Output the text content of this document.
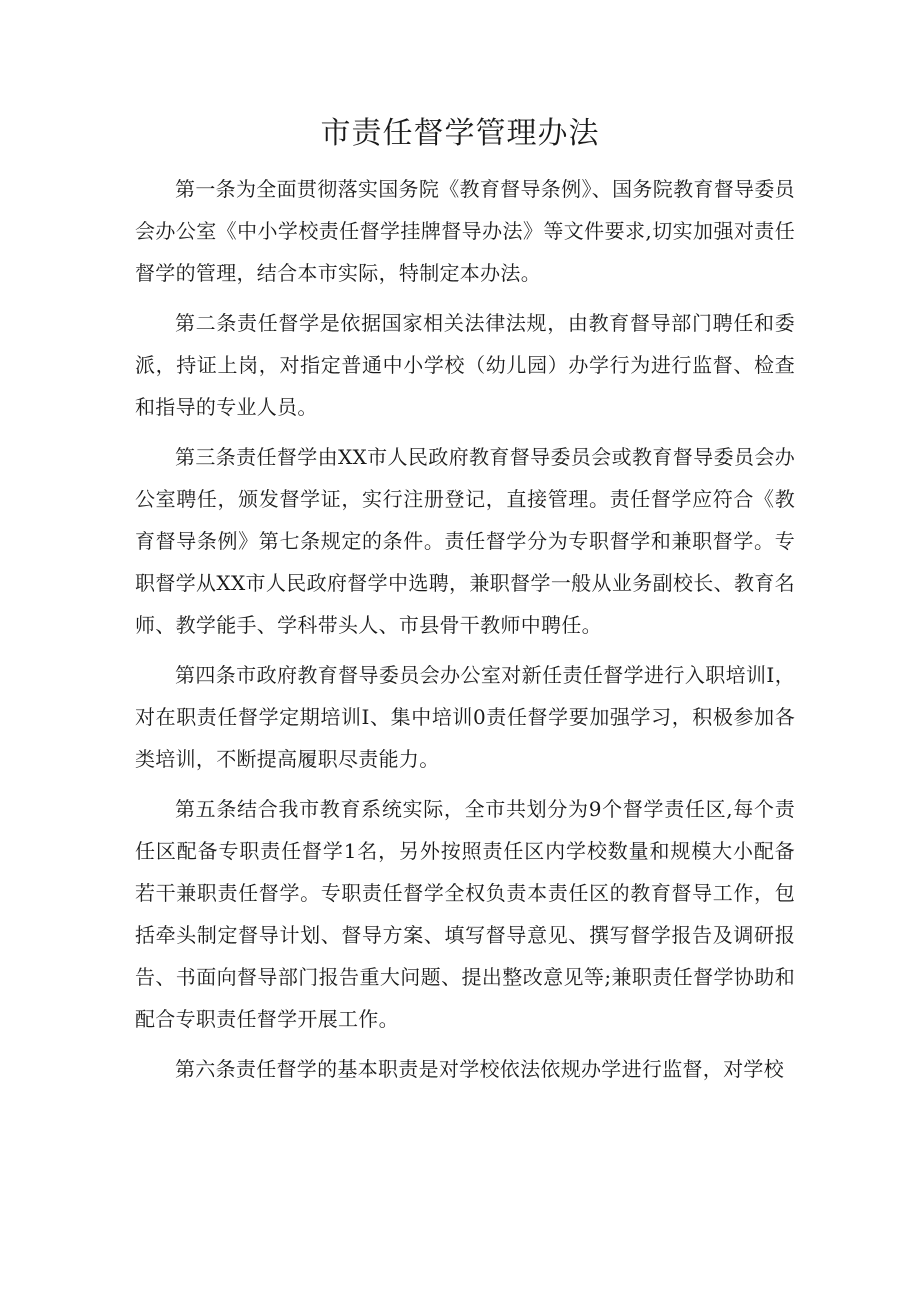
市责任督学管理办法

第一条为全面贯彻落实国务院《教育督导条例》、国务院教育督导委员会办公室《中小学校责任督学挂牌督导办法》等文件要求,切实加强对责任督学的管理，结合本市实际，特制定本办法。

第二条责任督学是依据国家相关法律法规，由教育督导部门聘任和委派，持证上岗，对指定普通中小学校（幼儿园）办学行为进行监督、检查和指导的专业人员。

第三条责任督学由XX市人民政府教育督导委员会或教育督导委员会办公室聘任，颁发督学证，实行注册登记，直接管理。责任督学应符合《教育督导条例》第七条规定的条件。责任督学分为专职督学和兼职督学。专职督学从XX市人民政府督学中选聘，兼职督学一般从业务副校长、教育名师、教学能手、学科带头人、市县骨干教师中聘任。

第四条市政府教育督导委员会办公室对新任责任督学进行入职培训I，对在职责任督学定期培训I、集中培训0责任督学要加强学习，积极参加各类培训，不断提高履职尽责能力。

第五条结合我市教育系统实际，全市共划分为9个督学责任区,每个责任区配备专职责任督学1名，另外按照责任区内学校数量和规模大小配备若干兼职责任督学。专职责任督学全权负责本责任区的教育督导工作，包括牵头制定督导计划、督导方案、填写督导意见、撰写督学报告及调研报告、书面向督导部门报告重大问题、提出整改意见等;兼职责任督学协助和配合专职责任督学开展工作。

第六条责任督学的基本职责是对学校依法依规办学进行监督，对学校
